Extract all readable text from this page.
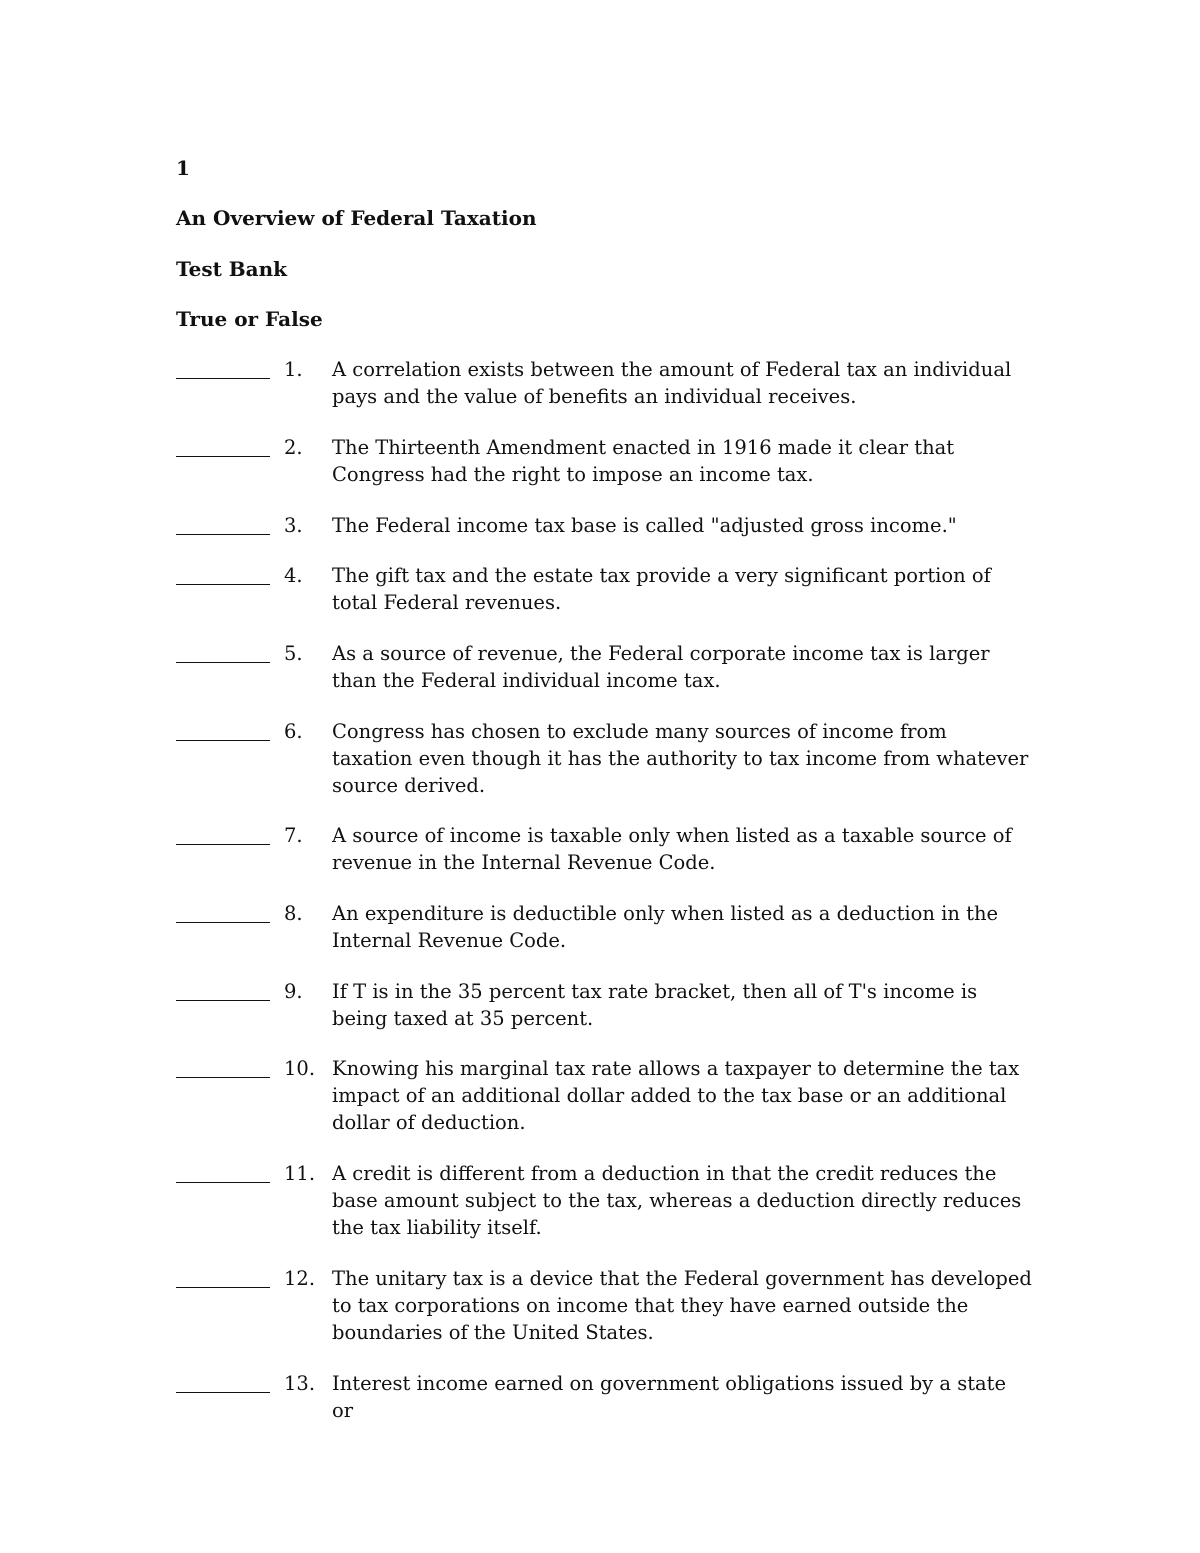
1
An Overview of Federal Taxation
Test Bank
True or False
1.	A correlation exists between the amount of Federal tax an individual pays and the value of benefits an individual receives.
2.	The Thirteenth Amendment enacted in 1916 made it clear that Congress had the right to impose an income tax.
3.	The Federal income tax base is called "adjusted gross income."
4.	The gift tax and the estate tax provide a very significant portion of total Federal revenues.
5.	As a source of revenue, the Federal corporate income tax is larger than the Federal individual income tax.
6.	Congress has chosen to exclude many sources of income from taxation even though it has the authority to tax income from whatever source derived.
7.	A source of income is taxable only when listed as a taxable source of revenue in the Internal Revenue Code.
8.	An expenditure is deductible only when listed as a deduction in the Internal Revenue Code.
9.	If T is in the 35 percent tax rate bracket, then all of T's income is being taxed at 35 percent.
10. Knowing his marginal tax rate allows a taxpayer to determine the tax impact of an additional dollar added to the tax base or an additional dollar of deduction.
11. A credit is different from a deduction in that the credit reduces the base amount subject to the tax, whereas a deduction directly reduces the tax liability itself.
12. The unitary tax is a device that the Federal government has developed to tax corporations on income that they have earned outside the boundaries of the United States.
13. Interest income earned on government obligations issued by a state or
